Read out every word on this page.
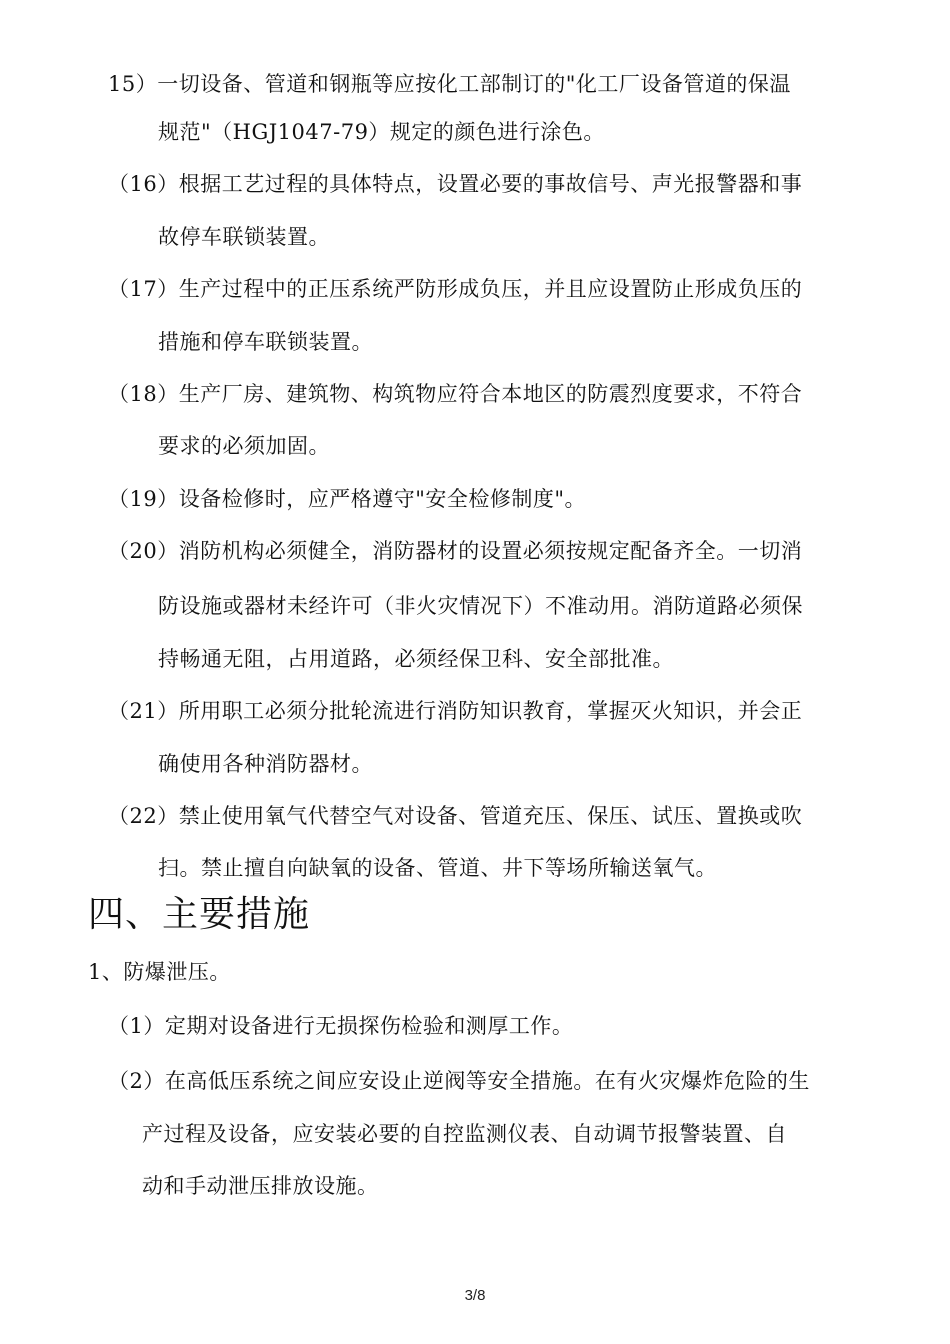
15）一切设备、管道和钢瓶等应按化工部制订的"化工厂设备管道的保温
规范"（HGJ1047-79）规定的颜色进行涂色。
（16）根据工艺过程的具体特点，设置必要的事故信号、声光报警器和事
故停车联锁装置。
（17）生产过程中的正压系统严防形成负压，并且应设置防止形成负压的
措施和停车联锁装置。
（18）生产厂房、建筑物、构筑物应符合本地区的防震烈度要求，不符合
要求的必须加固。
（19）设备检修时，应严格遵守"安全检修制度"。
（20）消防机构必须健全，消防器材的设置必须按规定配备齐全。一切消
防设施或器材未经许可（非火灾情况下）不准动用。消防道路必须保
持畅通无阻，占用道路，必须经保卫科、安全部批准。
（21）所用职工必须分批轮流进行消防知识教育，掌握灭火知识，并会正
确使用各种消防器材。
（22）禁止使用氧气代替空气对设备、管道充压、保压、试压、置换或吹
扫。禁止擅自向缺氧的设备、管道、井下等场所输送氧气。
四、主要措施
1、防爆泄压。
（1）定期对设备进行无损探伤检验和测厚工作。
（2）在高低压系统之间应安设止逆阀等安全措施。在有火灾爆炸危险的生
产过程及设备，应安装必要的自控监测仪表、自动调节报警装置、自
动和手动泄压排放设施。
3/8
